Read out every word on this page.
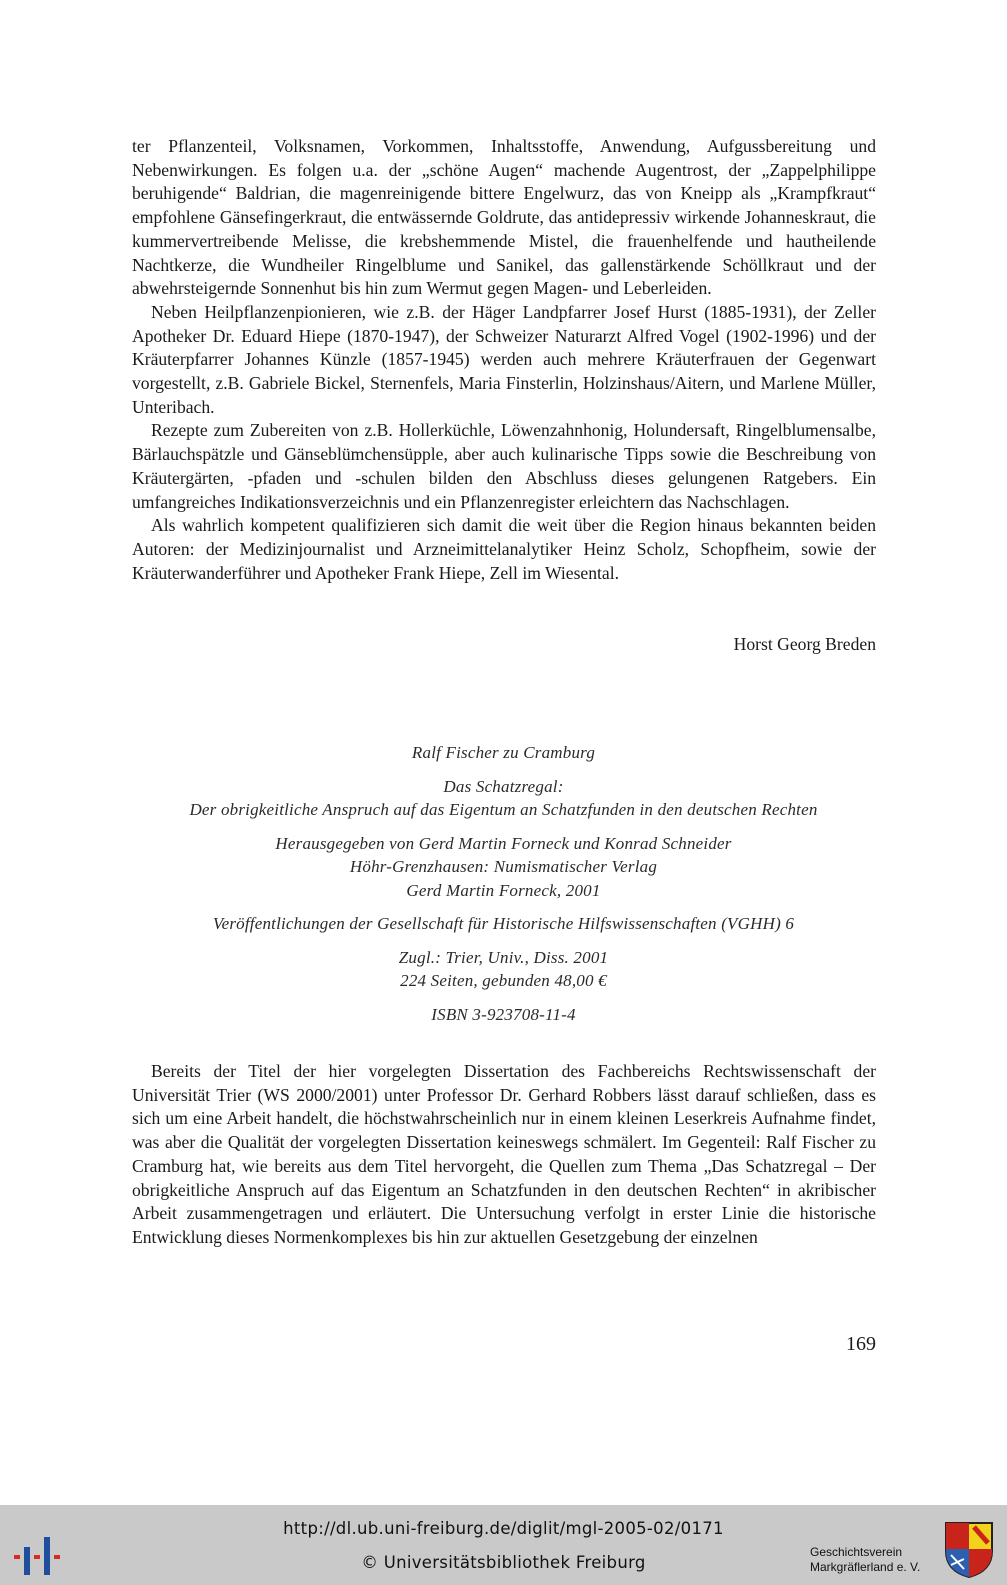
ter Pflanzenteil, Volksnamen, Vorkommen, Inhaltsstoffe, Anwendung, Aufgussbereitung und Nebenwirkungen. Es folgen u.a. der „schöne Augen“ machende Augentrost, der „Zappelphilippe beruhigende“ Baldrian, die magenreinigende bittere Engelwurz, das von Kneipp als „Krampfkraut“ empfohlene Gänsefingerkraut, die entwässernde Goldrute, das antidepressiv wirkende Johanneskraut, die kummervertreibende Melisse, die krebshemmende Mistel, die frauenhelfende und hautheilende Nachtkerze, die Wundheiler Ringelblume und Sanikel, das gallenstärkende Schöllkraut und der abwehrsteigernde Sonnenhut bis hin zum Wermut gegen Magen- und Leberleiden.

Neben Heilpflanzenpionieren, wie z.B. der Häger Landpfarrer Josef Hurst (1885-1931), der Zeller Apotheker Dr. Eduard Hiepe (1870-1947), der Schweizer Naturarzt Alfred Vogel (1902-1996) und der Kräuterpfarrer Johannes Künzle (1857-1945) werden auch mehrere Kräuterfrauen der Gegenwart vorgestellt, z.B. Gabriele Bickel, Sternenfels, Maria Finsterlin, Holzinshaus/Aitern, und Marlene Müller, Unteribach.

Rezepte zum Zubereiten von z.B. Hollerküchle, Löwenzahnhonig, Holundersaft, Ringelblumensalbe, Bärlauchspätzle und Gänseblümchensüpple, aber auch kulinarische Tipps sowie die Beschreibung von Kräutergärten, -pfaden und -schulen bilden den Abschluss dieses gelungenen Ratgebers. Ein umfangreiches Indikationsverzeichnis und ein Pflanzenregister erleichtern das Nachschlagen.

Als wahrlich kompetent qualifizieren sich damit die weit über die Region hinaus bekannten beiden Autoren: der Medizinjournalist und Arzneimittelanalytiker Heinz Scholz, Schopfheim, sowie der Kräuterwanderführer und Apotheker Frank Hiepe, Zell im Wiesental.

Horst Georg Breden
Ralf Fischer zu Cramburg
Das Schatzregal:
Der obrigkeitliche Anspruch auf das Eigentum an Schatzfunden in den deutschen Rechten
Herausgegeben von Gerd Martin Forneck und Konrad Schneider
Höhr-Grenzhausen: Numismatischer Verlag
Gerd Martin Forneck, 2001
Veröffentlichungen der Gesellschaft für Historische Hilfswissenschaften (VGHH) 6
Zugl.: Trier, Univ., Diss. 2001
224 Seiten, gebunden 48,00 €
ISBN 3-923708-11-4

Bereits der Titel der hier vorgelegten Dissertation des Fachbereichs Rechtswissenschaft der Universität Trier (WS 2000/2001) unter Professor Dr. Gerhard Robbers lässt darauf schließen, dass es sich um eine Arbeit handelt, die höchstwahrscheinlich nur in einem kleinen Leserkreis Aufnahme findet, was aber die Qualität der vorgelegten Dissertation keineswegs schmälert. Im Gegenteil: Ralf Fischer zu Cramburg hat, wie bereits aus dem Titel hervorgeht, die Quellen zum Thema „Das Schatzregal – Der obrigkeitliche Anspruch auf das Eigentum an Schatzfunden in den deutschen Rechten“ in akribischer Arbeit zusammengetragen und erläutert. Die Untersuchung verfolgt in erster Linie die historische Entwicklung dieses Normenkomplexes bis hin zur aktuellen Gesetzgebung der einzelnen

169
http://dl.ub.uni-freiburg.de/diglit/mgl-2005-02/0171
© Universitätsbibliothek Freiburg
Geschichtsverein
Markgräflerland e. V.
